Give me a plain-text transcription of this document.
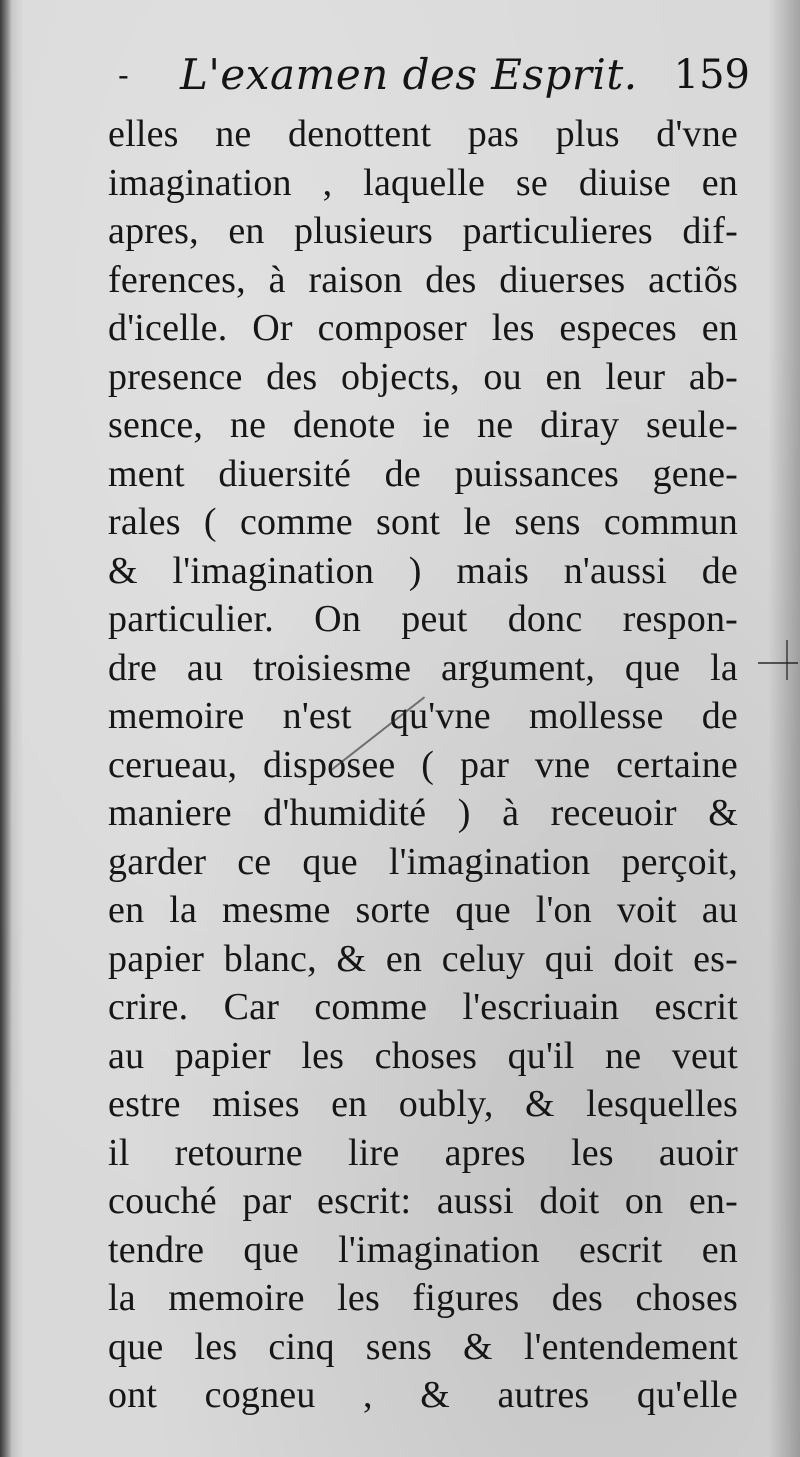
- L'examen des Esprit. 159
elles ne denottent pas plus d'vne
imagination , laquelle se diuise en
apres, en plusieurs particulieres dif-
ferences, à raison des diuerses actiõs
d'icelle. Or composer les especes en
presence des objects, ou en leur ab-
sence, ne denote ie ne diray seule-
ment diuersité de puissances gene-
rales ( comme sont le sens commun
& l'imagination ) mais n'aussi de
particulier. On peut donc respon-
dre au troisiesme argument, que la
memoire n'est qu'vne mollesse de
cerueau, disposee ( par vne certaine
maniere d'humidité ) à receuoir &
garder ce que l'imagination perçoit,
en la mesme sorte que l'on voit au
papier blanc, & en celuy qui doit es-
crire. Car comme l'escriuain escrit
au papier les choses qu'il ne veut
estre mises en oubly, & lesquelles
il retourne lire apres les auoir
couché par escrit: aussi doit on en-
tendre que l'imagination escrit en
la memoire les figures des choses
que les cinq sens & l'entendement
ont cogneu , & autres qu'elle
